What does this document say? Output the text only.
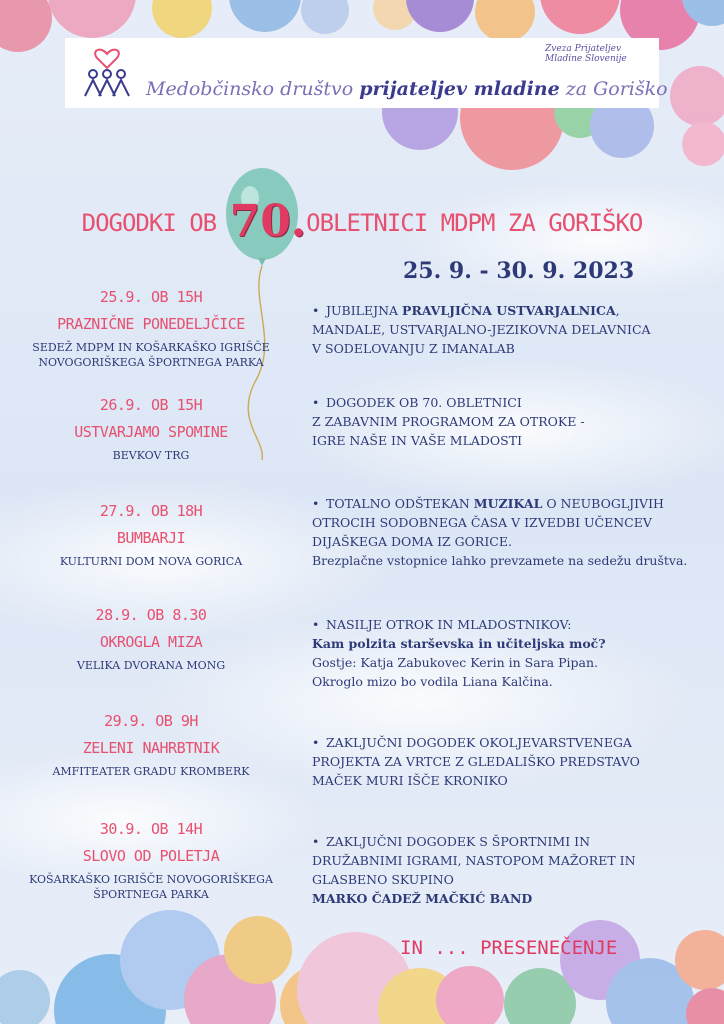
Medobčinsko društvo prijateljev mladine za Goriško
Zveza Prijateljev
Mladine Slovenije
DOGODKI OB 70.OBLETNICI MDPM ZA GORIŠKO
25. 9. - 30. 9. 2023
25.9. OB 15H
PRAZNIČNE PONEDELJČICE
SEDEŽ MDPM IN KOŠARKAŠKO IGRIŠČE NOVOGORIŠKEGA ŠPORTNEGA PARKA
26.9. OB 15H
USTVARJAMO SPOMINE
BEVKOV TRG
27.9. OB 18H
BUMBARJI
KULTURNI DOM NOVA GORICA
28.9. OB 8.30
OKROGLA MIZA
VELIKA DVORANA MONG
29.9. OB 9H
ZELENI NAHRBTNIK
AMFITEATER GRADU KROMBERK
30.9. OB 14H
SLOVO OD POLETJA
KOŠARKAŠKO IGRIŠČE NOVOGORIŠKEGA ŠPORTNEGA PARKA
• JUBILEJNA PRAVLJIČNA USTVARJALNICA,
MANDALE, USTVARJALNO-JEZIKOVNA DELAVNICA
V SODELOVANJU Z IMANALAB
• DOGODEK OB 70. OBLETNICI
Z ZABAVNIM PROGRAMOM ZA OTROKE -
IGRE NAŠE IN VAŠE MLADOSTI
• TOTALNO ODŠTEKAN MUZIKAL O NEUBOGLJIVIH
OTROCIH SODOBNEGA ČASA V IZVEDBI UČENCEV
DIJAŠKEGA DOMA IZ GORICE.
Brezplačne vstopnice lahko prevzamete na sedežu društva.
• NASILJE OTROK IN MLADOSTNIKOV:
Kam polzita starševska in učiteljska moč?
Gostje: Katja Zabukovec Kerin in Sara Pipan.
Okroglo mizo bo vodila Liana Kalčina.
• ZAKLJUČNI DOGODEK OKOLJEVARSTVENEGA
PROJEKTA ZA VRTCE Z GLEDALIŠKO PREDSTAVO
MAČEK MURI IŠČE KRONIKO
• ZAKLJUČNI DOGODEK S ŠPORTNIMI IN
DRUŽABNIMI IGRAMI, NASTOPOM MAŽORET IN
GLASBENO SKUPINO
MARKO ČADEŽ MAČKIĆ BAND
IN ... PRESENEČENJE
